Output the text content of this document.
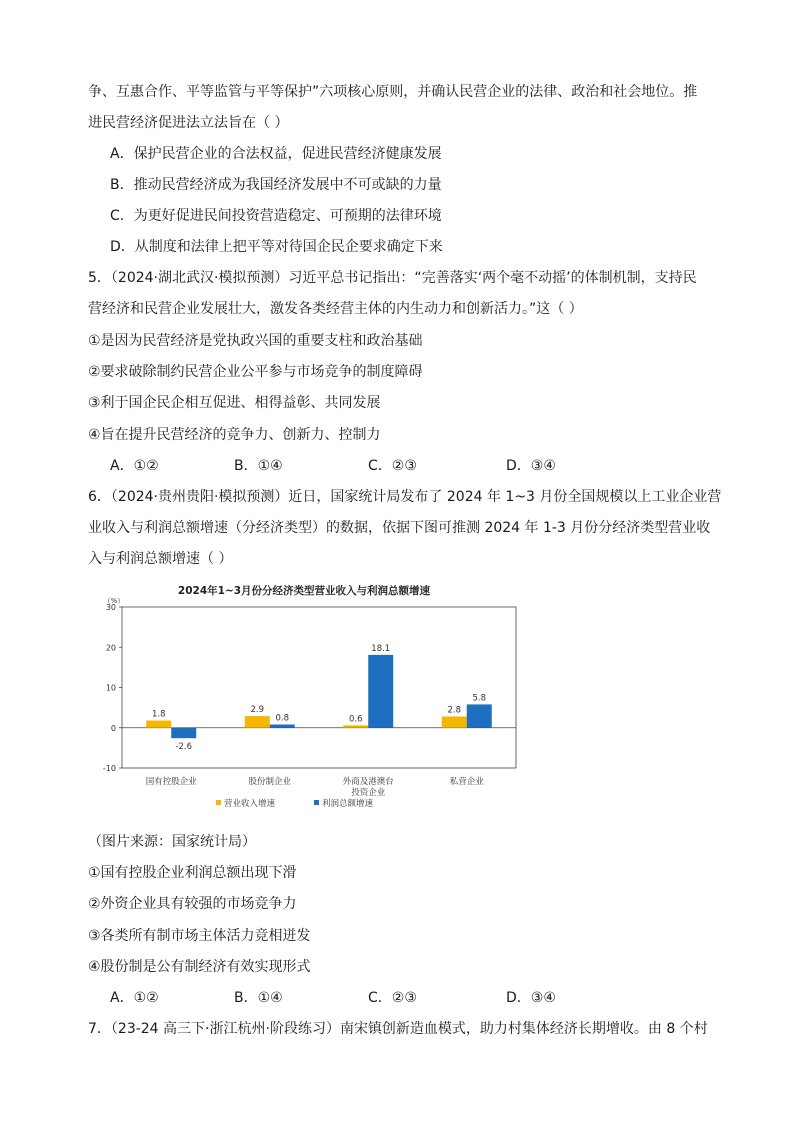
争、互惠合作、平等监管与平等保护”六项核心原则，并确认民营企业的法律、政治和社会地位。推
进民营经济促进法立法旨在（ ）
A．保护民营企业的合法权益，促进民营经济健康发展
B．推动民营经济成为我国经济发展中不可或缺的力量
C．为更好促进民间投资营造稳定、可预期的法律环境
D．从制度和法律上把平等对待国企民企要求确定下来
5．（2024·湖北武汉·模拟预测）习近平总书记指出：“完善落实‘两个毫不动摇’的体制机制，支持民
营经济和民营企业发展壮大，激发各类经营主体的内生动力和创新活力。”这（ ）
①是因为民营经济是党执政兴国的重要支柱和政治基础
②要求破除制约民营企业公平参与市场竞争的制度障碍
③利于国企民企相互促进、相得益彰、共同发展
④旨在提升民营经济的竞争力、创新力、控制力
A．①②	B．①④	C．②③	D．③④
6．（2024·贵州贵阳·模拟预测）近日，国家统计局发布了 2024 年 1~3 月份全国规模以上工业企业营
业收入与利润总额增速（分经济类型）的数据，依据下图可推测 2024 年 1-3 月份分经济类型营业收
入与利润总额增速（ ）
2024年1~3月份分经济类型营业收入与利润总额增速
（%）
-10
0
10
20
30
1.8
-2.6
2.9
0.8	0.6
18.1
2.8
5.8
国有控股企业	股份制企业	外商及港澳台
投资企业
私营企业
营业收入增速	利润总额增速
（图片来源：国家统计局）
①国有控股企业利润总额出现下滑
②外资企业具有较强的市场竞争力
③各类所有制市场主体活力竞相迸发
④股份制是公有制经济有效实现形式
A．①②	B．①④	C．②③	D．③④
7．（23-24 高三下·浙江杭州·阶段练习）南宋镇创新造血模式，助力村集体经济长期增收。由 8 个村
